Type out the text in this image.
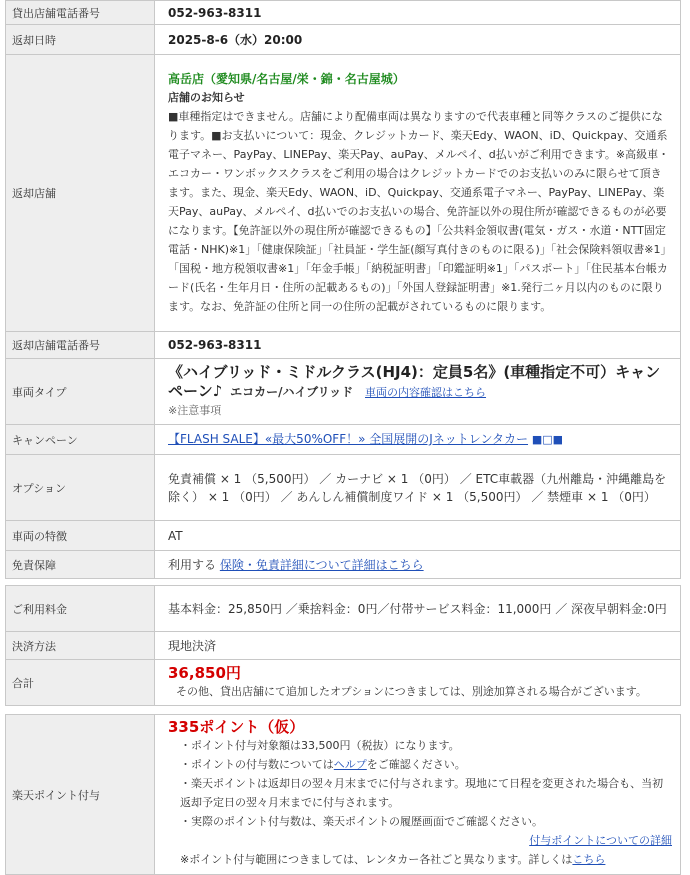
貸出店舗電話番号	052-963-8311
返却日時	2025-8-6（水）20:00
返却店舗	高岳店（愛知県/名古屋/栄・錦・名古屋城）
店舗のお知らせ
■車種指定はできません。店舗により配備車両は異なりますので代表車種と同等クラスのご提供になります。■お支払いについて：現金、クレジットカード、楽天Edy、WAON、iD、Quickpay、交通系電子マネー、PayPay、LINEPay、楽天Pay、auPay、メルペイ、d払いがご利用できます。※高級車・エコカー・ワンボックスクラスをご利用の場合はクレジットカードでのお支払いのみに限らせて頂きます。また、現金、楽天Edy、WAON、iD、Quickpay、交通系電子マネー、PayPay、LINEPay、楽天Pay、auPay、メルペイ、d払いでのお支払いの場合、免許証以外の現住所が確認できるものが必要になります。【免許証以外の現住所が確認できるもの】「公共料金領収書(電気・ガス・水道・NTT固定電話・NHK)※1」「健康保険証」「社員証・学生証(顔写真付きのものに限る)」「社会保険料領収書※1」「国税・地方税領収書※1」「年金手帳」「納税証明書」「印鑑証明※1」「パスポート」「住民基本台帳カード(氏名・生年月日・住所の記載あるもの)」「外国人登録証明書」※1.発行二ヶ月以内のものに限ります。なお、免許証の住所と同一の住所の記載がされているものに限ります。

返却店舗電話番号	052-963-8311
車両タイプ	《ハイブリッド・ミドルクラス(HJ4)：定員5名》(車種指定不可）キャンペーン♪ エコカー/ハイブリッド 車両の内容確認はこちら
※注意事項

キャンペーン	【FLASH SALE】«最大50%OFF！» 全国展開のJネットレンタカー ■□■
オプション	免責補償 × 1 （5,500円） ／ カーナビ × 1 （0円） ／ ETC車載器（九州離島・沖縄離島を除く） × 1 （0円） ／ あんしん補償制度ワイド × 1 （5,500円） ／ 禁煙車 × 1 （0円）
車両の特徴	AT
免責保障	利用する 保険・免責詳細について詳細はこちら
ご利用料金	基本料金：25,850円 ／乗捨料金：0円／付帯サービス料金：11,000円 ／ 深夜早朝料金:0円
決済方法	現地決済
合計	36,850円
その他、貸出店舗にて追加したオプションにつきましては、別途加算される場合がございます。
楽天ポイント付与	
335ポイント（仮）
・ポイント付与対象額は33,500円（税抜）になります。
・ポイントの付与数についてはヘルプをご確認ください。
・楽天ポイントは返却日の翌々月末までに付与されます。現地にて日程を変更された場合も、当初返却予定日の翌々月末までに付与されます。
・実際のポイント付与数は、楽天ポイントの履歴画面でご確認ください。
付与ポイントについての詳細
※ポイント付与範囲につきましては、レンタカー各社ごと異なります。詳しくはこちら
